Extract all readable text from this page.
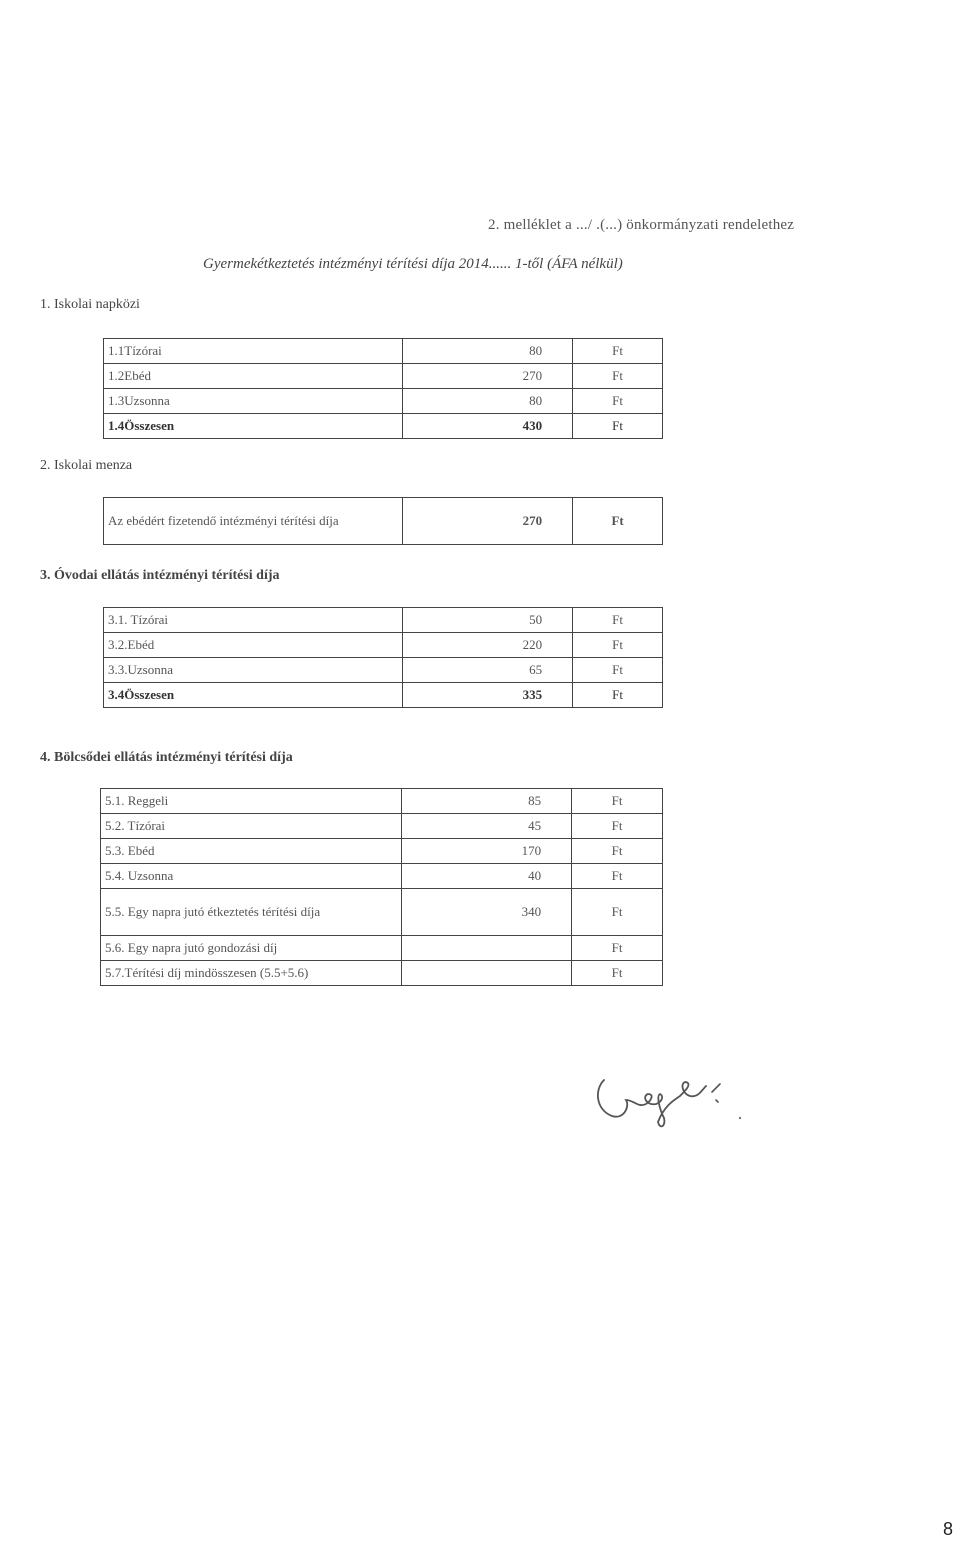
2. melléklet a .../ .(...) önkormányzati rendelethez
Gyermekétkeztetés intézményi térítési díja 2014...... 1-től (ÁFA nélkül)
1. Iskolai napközi
1.1Tízórai	80	Ft
1.2Ebéd	270	Ft
1.3Uzsonna	80	Ft
1.4Összesen	430	Ft
2. Iskolai menza
Az ebédért fizetendő intézményi térítési díja	270	Ft
3. Óvodai ellátás intézményi térítési díja
3.1. Tízórai	50	Ft
3.2.Ebéd	220	Ft
3.3.Uzsonna	65	Ft
3.4Összesen	335	Ft
4. Bölcsődei ellátás intézményi térítési díja
5.1. Reggeli	85	Ft
5.2. Tízórai	45	Ft
5.3. Ebéd	170	Ft
5.4. Uzsonna	40	Ft
5.5. Egy napra jutó étkeztetés térítési díja	340	Ft
5.6. Egy napra jutó gondozási díj		Ft
5.7.Térítési díj mindösszesen (5.5+5.6)		Ft
8
